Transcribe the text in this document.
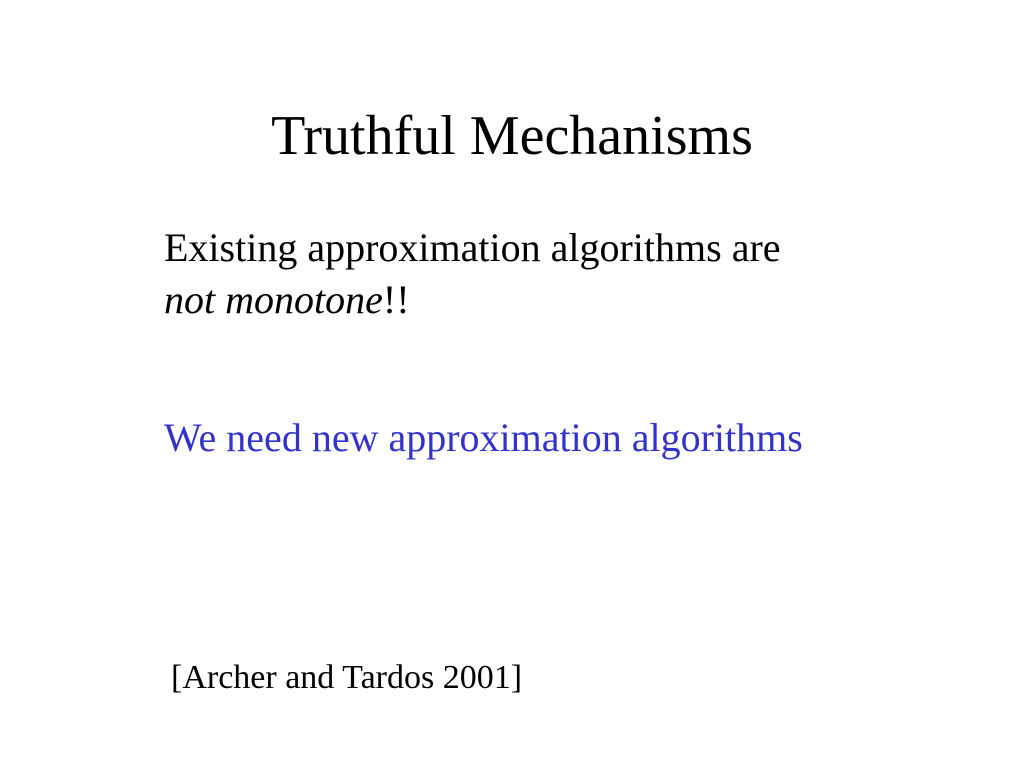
Truthful Mechanisms

Existing approximation algorithms are
not monotone!!

We need new approximation algorithms

[Archer and Tardos 2001]
